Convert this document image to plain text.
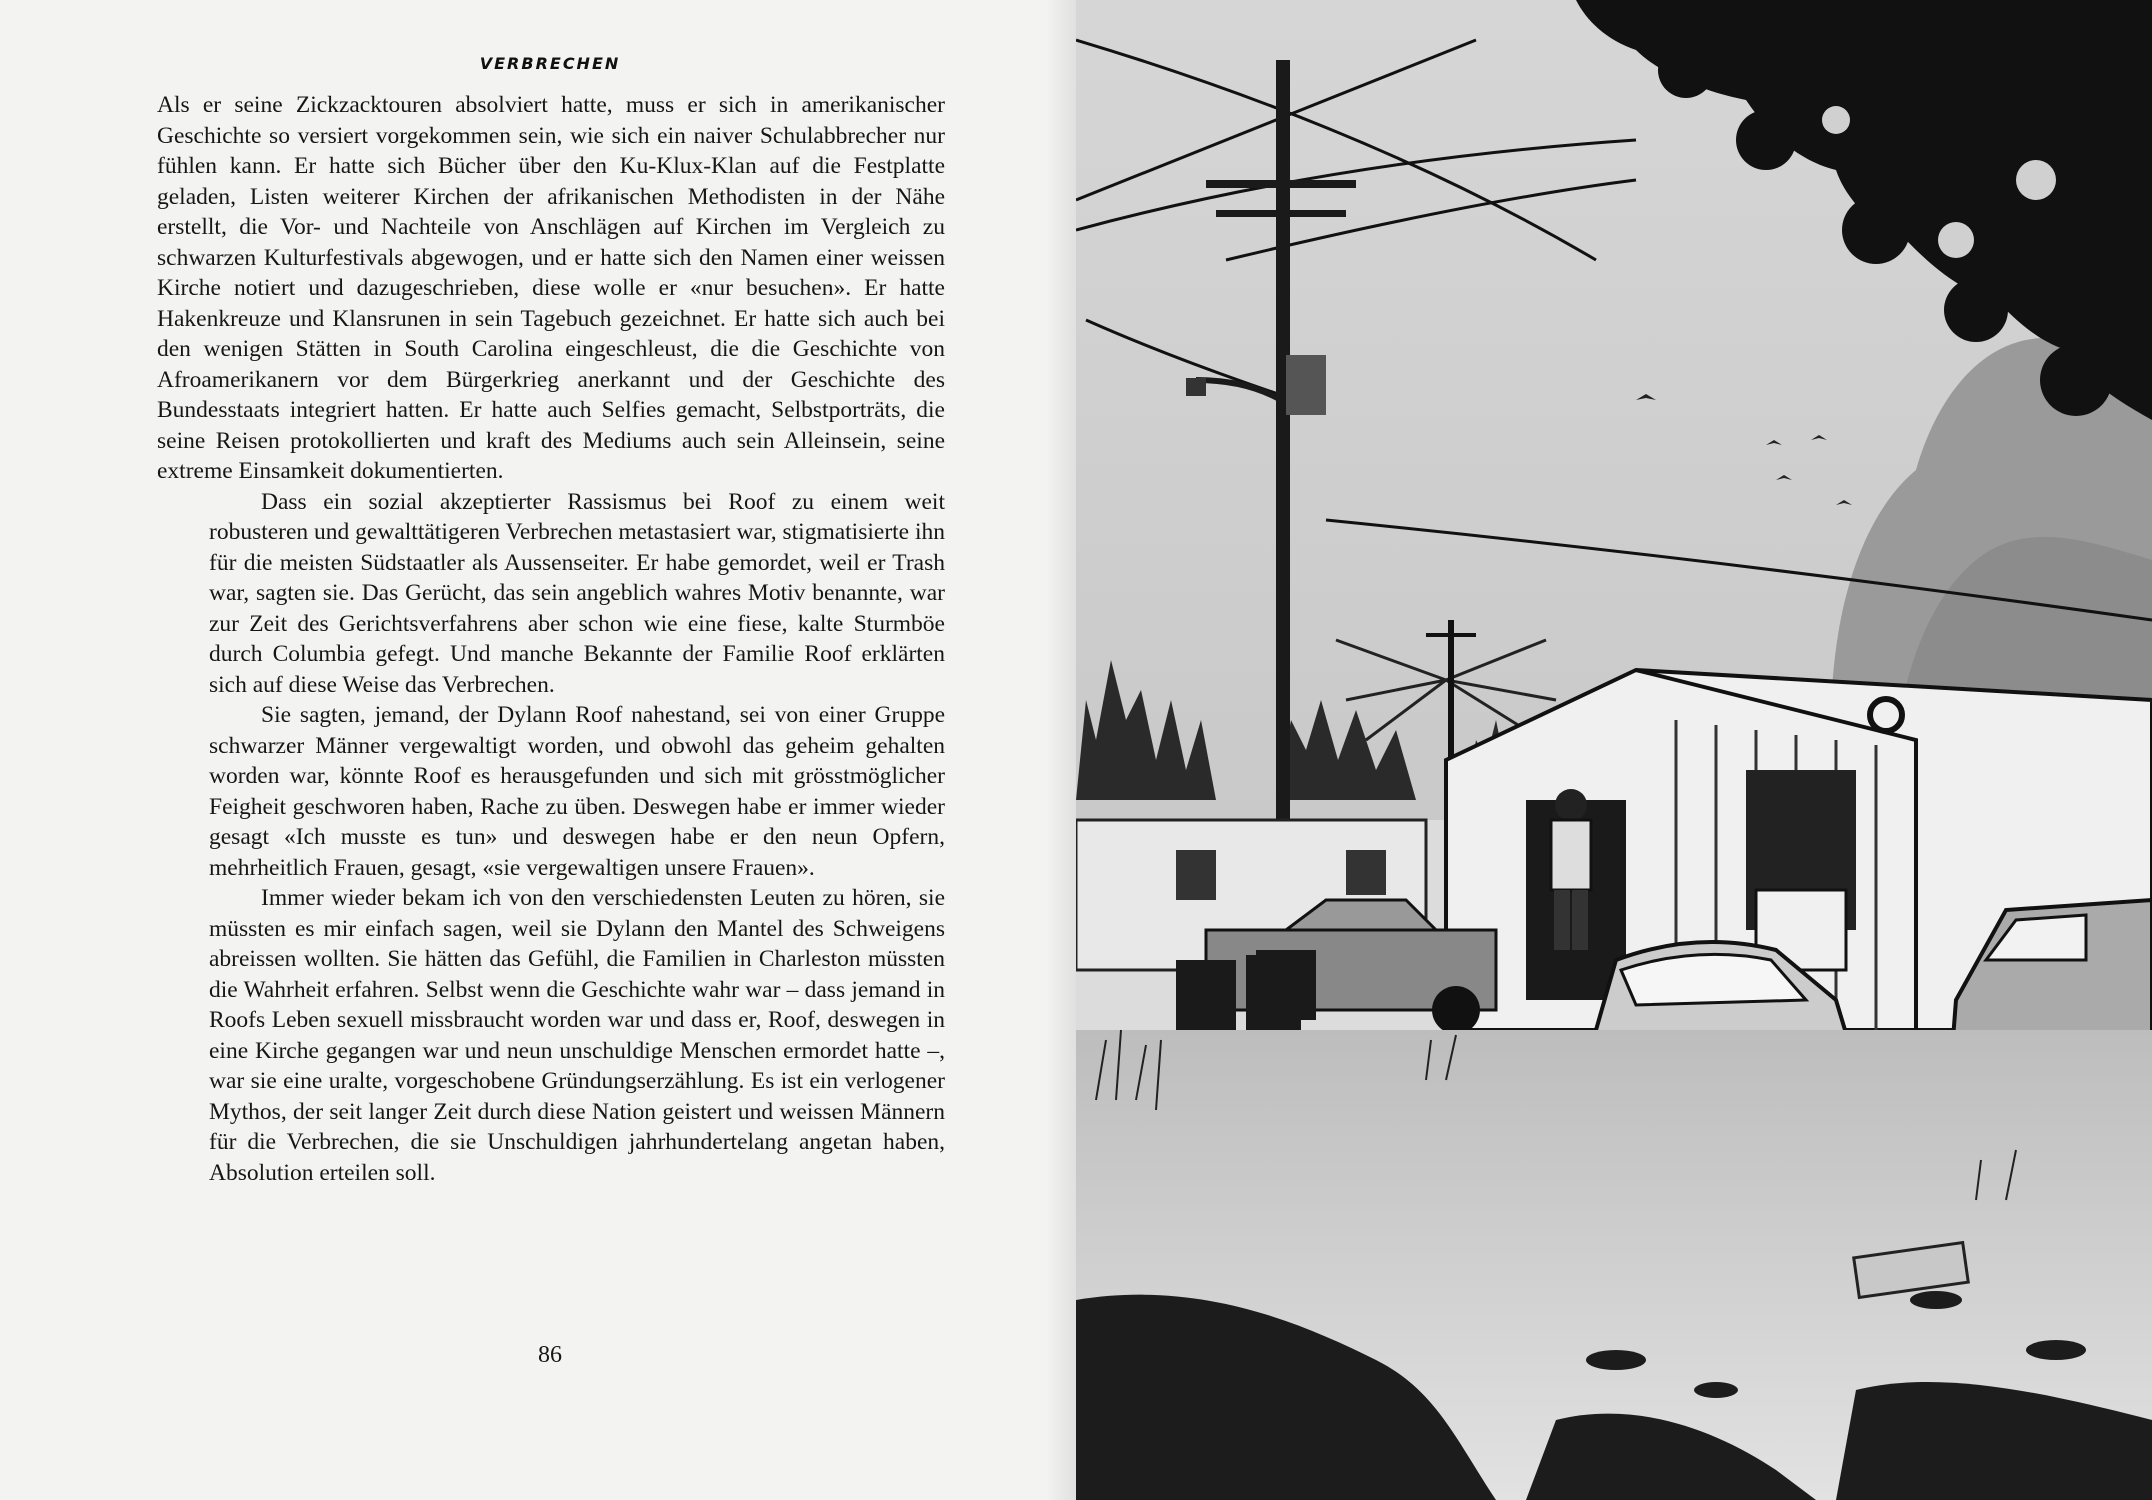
VERBRECHEN

Als er seine Zickzacktouren absolviert hatte, muss er sich in amerikanischer Geschichte so versiert vorgekommen sein, wie sich ein naiver Schulabbrecher nur fühlen kann. Er hatte sich Bücher über den Ku-Klux-Klan auf die Festplatte geladen, Listen weiterer Kirchen der afrikanischen Methodisten in der Nähe erstellt, die Vor- und Nachteile von Anschlägen auf Kirchen im Vergleich zu schwarzen Kulturfestivals abgewogen, und er hatte sich den Namen einer weissen Kirche notiert und dazugeschrieben, diese wolle er «nur besuchen». Er hatte Hakenkreuze und Klansrunen in sein Tagebuch gezeichnet. Er hatte sich auch bei den wenigen Stätten in South Carolina eingeschleust, die die Geschichte von Afroamerikanern vor dem Bürgerkrieg anerkannt und der Geschichte des Bundesstaats integriert hatten. Er hatte auch Selfies gemacht, Selbstporträts, die seine Reisen protokollierten und kraft des Mediums auch sein Alleinsein, seine extreme Einsamkeit dokumentierten.

Dass ein sozial akzeptierter Rassismus bei Roof zu einem weit robusteren und gewalttätigeren Verbrechen metastasiert war, stigmatisierte ihn für die meisten Südstaatler als Aussenseiter. Er habe gemordet, weil er Trash war, sagten sie. Das Gerücht, das sein angeblich wahres Motiv benannte, war zur Zeit des Gerichtsverfahrens aber schon wie eine fiese, kalte Sturmböe durch Columbia gefegt. Und manche Bekannte der Familie Roof erklärten sich auf diese Weise das Verbrechen.

Sie sagten, jemand, der Dylann Roof nahestand, sei von einer Gruppe schwarzer Männer vergewaltigt worden, und obwohl das geheim gehalten worden war, könnte Roof es herausgefunden und sich mit grösstmöglicher Feigheit geschworen haben, Rache zu üben. Deswegen habe er immer wieder gesagt «Ich musste es tun» und deswegen habe er den neun Opfern, mehrheitlich Frauen, gesagt, «sie vergewaltigen unsere Frauen».

Immer wieder bekam ich von den verschiedensten Leuten zu hören, sie müssten es mir einfach sagen, weil sie Dylann den Mantel des Schweigens abreissen wollten. Sie hätten das Gefühl, die Familien in Charleston müssten die Wahrheit erfahren. Selbst wenn die Geschichte wahr war – dass jemand in Roofs Leben sexuell missbraucht worden war und dass er, Roof, deswegen in eine Kirche gegangen war und neun unschuldige Menschen ermordet hatte –, war sie eine uralte, vorgeschobene Gründungserzählung. Es ist ein verlogener Mythos, der seit langer Zeit durch diese Nation geistert und weissen Männern für die Verbrechen, die sie Unschuldigen jahrhundertelang angetan haben, Absolution erteilen soll.

86
